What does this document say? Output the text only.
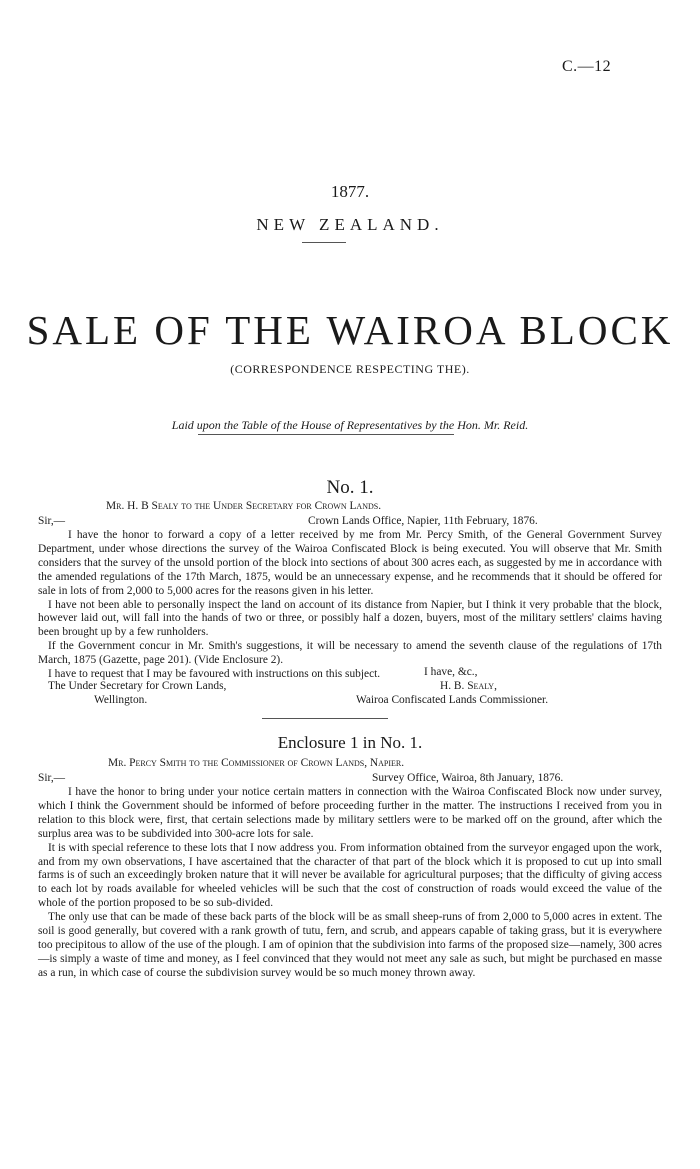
C.—12
1877.
NEW ZEALAND.
SALE OF THE WAIROA BLOCK
(CORRESPONDENCE RESPECTING THE).
Laid upon the Table of the House of Representatives by the Hon. Mr. Reid.
No. 1.
Mr. H. B Sealy to the Under Secretary for Crown Lands.
Sir,—	Crown Lands Office, Napier, 11th February, 1876.

I have the honor to forward a copy of a letter received by me from Mr. Percy Smith, of the General Government Survey Department, under whose directions the survey of the Wairoa Confiscated Block is being executed. You will observe that Mr. Smith considers that the survey of the unsold portion of the block into sections of about 300 acres each, as suggested by me in accordance with the amended regulations of the 17th March, 1875, would be an unnecessary expense, and he recommends that it should be offered for sale in lots of from 2,000 to 5,000 acres for the reasons given in his letter.

I have not been able to personally inspect the land on account of its distance from Napier, but I think it very probable that the block, however laid out, will fall into the hands of two or three, or possibly half a dozen, buyers, most of the military settlers' claims having been brought up by a few runholders.

If the Government concur in Mr. Smith's suggestions, it will be necessary to amend the seventh clause of the regulations of 17th March, 1875 (Gazette, page 201). (Vide Enclosure 2).

I have to request that I may be favoured with instructions on this subject.	I have, &c.,
The Under Secretary for Crown Lands,	H. B. Sealy,
Wellington.	Wairoa Confiscated Lands Commissioner.
Enclosure 1 in No. 1.
Mr. Percy Smith to the Commissioner of Crown Lands, Napier.
Sir,—	Survey Office, Wairoa, 8th January, 1876.

I have the honor to bring under your notice certain matters in connection with the Wairoa Confiscated Block now under survey, which I think the Government should be informed of before proceeding further in the matter. The instructions I received from you in relation to this block were, first, that certain selections made by military settlers were to be marked off on the ground, after which the surplus area was to be subdivided into 300-acre lots for sale.

It is with special reference to these lots that I now address you. From information obtained from the surveyor engaged upon the work, and from my own observations, I have ascertained that the character of that part of the block which it is proposed to cut up into small farms is of such an exceedingly broken nature that it will never be available for agricultural purposes; that the difficulty of giving access to each lot by roads available for wheeled vehicles will be such that the cost of construction of roads would exceed the value of the whole of the portion proposed to be so sub-divided.

The only use that can be made of these back parts of the block will be as small sheep-runs of from 2,000 to 5,000 acres in extent. The soil is good generally, but covered with a rank growth of tutu, fern, and scrub, and appears capable of taking grass, but it is everywhere too precipitous to allow of the use of the plough. I am of opinion that the subdivision into farms of the proposed size—namely, 300 acres—is simply a waste of time and money, as I feel convinced that they would not meet any sale as such, but might be purchased en masse as a run, in which case of course the subdivision survey would be so much money thrown away.
